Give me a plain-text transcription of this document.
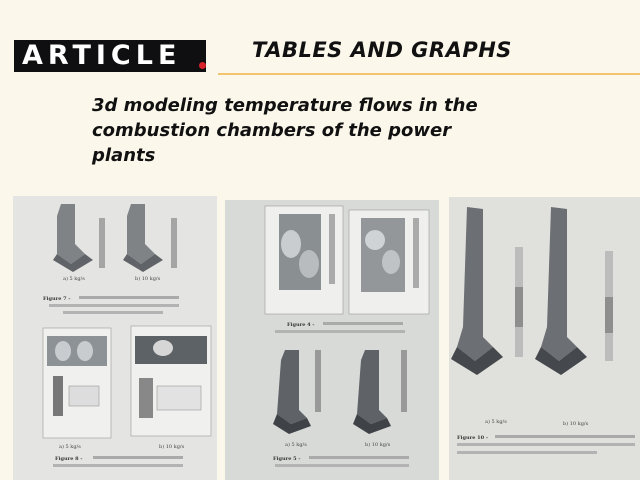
ARTICLE	TABLES AND GRAPHS
3d modeling temperature flows in the combustion chambers of the power plants
a) 5 kg/s	b) 10 kg/s
Figure 7 -
a) 5 kg/s	b) 10 kg/s
Figure 8 -
Figure 4 -
a) 5 kg/s	b) 10 kg/s
Figure 5 -
a) 5 kg/s	b) 10 kg/s
Figure 10 -
